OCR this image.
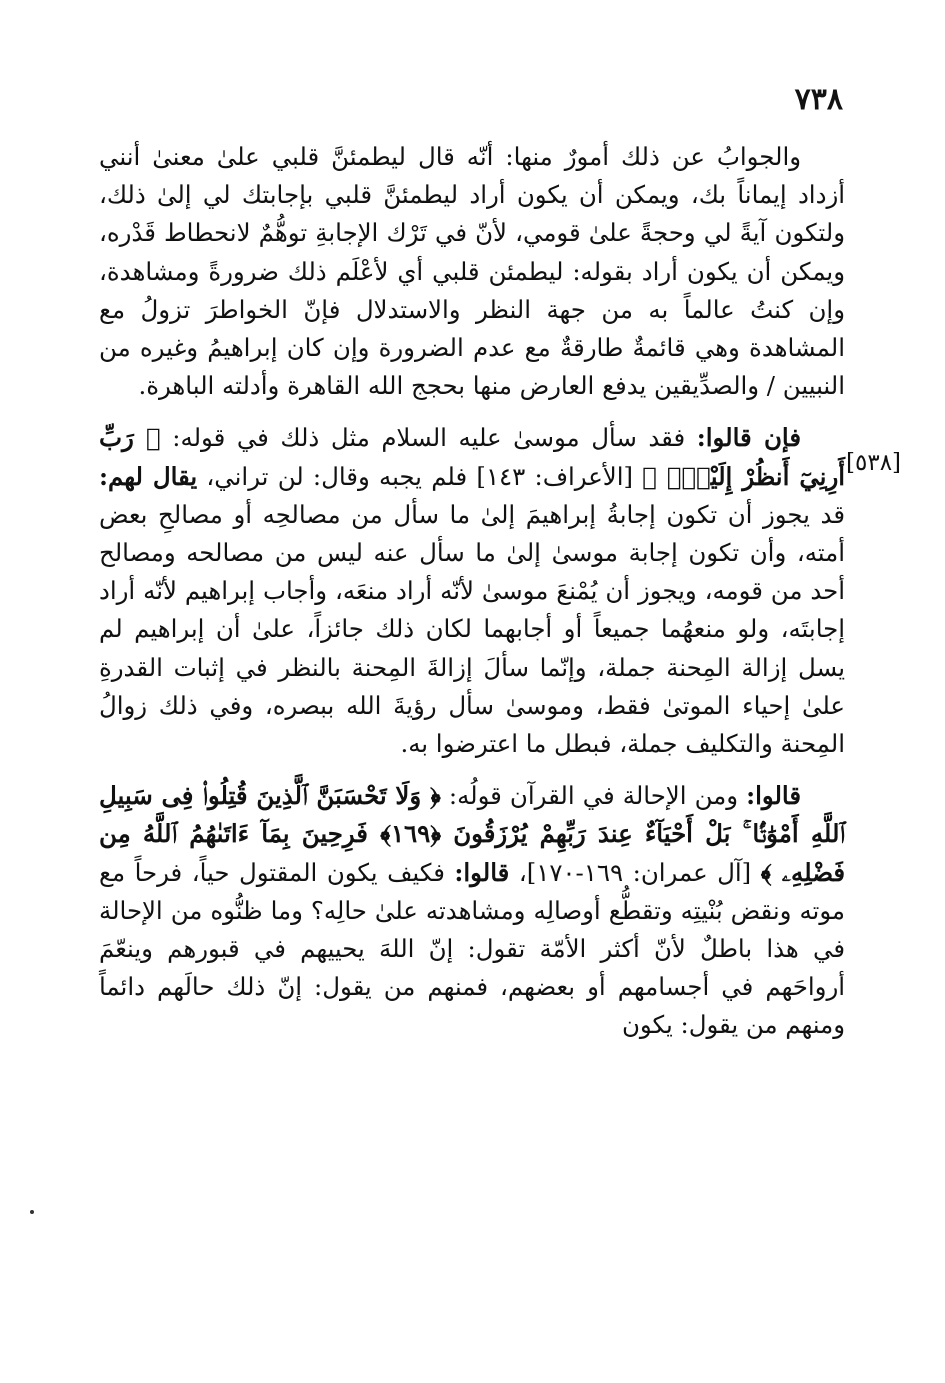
٧٣٨
[٥٣٨]

والجوابُ عن ذلك أمورٌ منها: أنّه قال ليطمئنَّ قلبي علىٰ معنىٰ أنني أزداد إيماناً بك، ويمكن أن يكون أراد ليطمئنَّ قلبي بإجابتك لي إلىٰ ذلك، ولتكون آيةً لي وحجةً علىٰ قومي، لأنّ في تَرْك الإجابةِ توهُّمٌ لانحطاط قَدْره، ويمكن أن يكون أراد بقوله: ليطمئن قلبي أي لأعْلَم ذلك ضرورةً ومشاهدة، وإن كنتُ عالماً به من جهة النظر والاستدلال فإنّ الخواطرَ تزولُ مع المشاهدة وهي قائمةٌ طارقةٌ مع عدم الضرورة وإن كان إبراهيمُ وغيره من النبيين / والصدِّيقين يدفع العارض منها بحجج الله القاهرة وأدلته الباهرة.

فإن قالوا: فقد سأل موسىٰ عليه السلام مثل ذلك في قوله: ﴿ رَبِّ أَرِنِيٓ أَنظُرْ إِلَيْكَۚ ﴾ [الأعراف: ١٤٣] فلم يجبه وقال: لن تراني، يقال لهم: قد يجوز أن تكون إجابةُ إبراهيمَ إلىٰ ما سأل من مصالحِه أو مصالحِ بعض أمته، وأن تكون إجابة موسىٰ إلىٰ ما سأل عنه ليس من مصالحه ومصالح أحد من قومه، ويجوز أن يُمْنعَ موسىٰ لأنّه أراد منعَه، وأجاب إبراهيم لأنّه أراد إجابتَه، ولو منعهُما جميعاً أو أجابهما لكان ذلك جائزاً، علىٰ أن إبراهيم لم يسل إزالة المِحنة جملة، وإنّما سألَ إزالةَ المِحنة بالنظر في إثبات القدرةِ علىٰ إحياء الموتىٰ فقط، وموسىٰ سأل رؤيةَ الله ببصره، وفي ذلك زوالُ المِحنة والتكليف جملة، فبطل ما اعترضوا به.

قالوا: ومن الإحالة في القرآن قولُه: ﴿ وَلَا تَحْسَبَنَّ ٱلَّذِينَ قُتِلُوا۟ فِى سَبِيلِ ٱللَّهِ أَمْوَٰتًۢا ۚ بَلْ أَحْيَآءٌ عِندَ رَبِّهِمْ يُرْزَقُونَ ﴿١٦٩﴾ فَرِحِينَ بِمَآ ءَاتَىٰهُمُ ٱللَّهُ مِن فَضْلِهِۦ ﴾ [آل عمران: ١٦٩-١٧٠]، قالوا: فكيف يكون المقتول حياً، فرحاً مع موته ونقض بُنْيتِه وتقطُّع أوصالِه ومشاهدته علىٰ حالِه؟ وما ظنُّوه من الإحالة في هذا باطلٌ لأنّ أكثر الأمّة تقول: إنّ اللهَ يحييهم في قبورهم وينعّمَ أرواحَهم في أجسامهم أو بعضهم، فمنهم من يقول: إنّ ذلك حالَهم دائماً ومنهم من يقول: يكون
